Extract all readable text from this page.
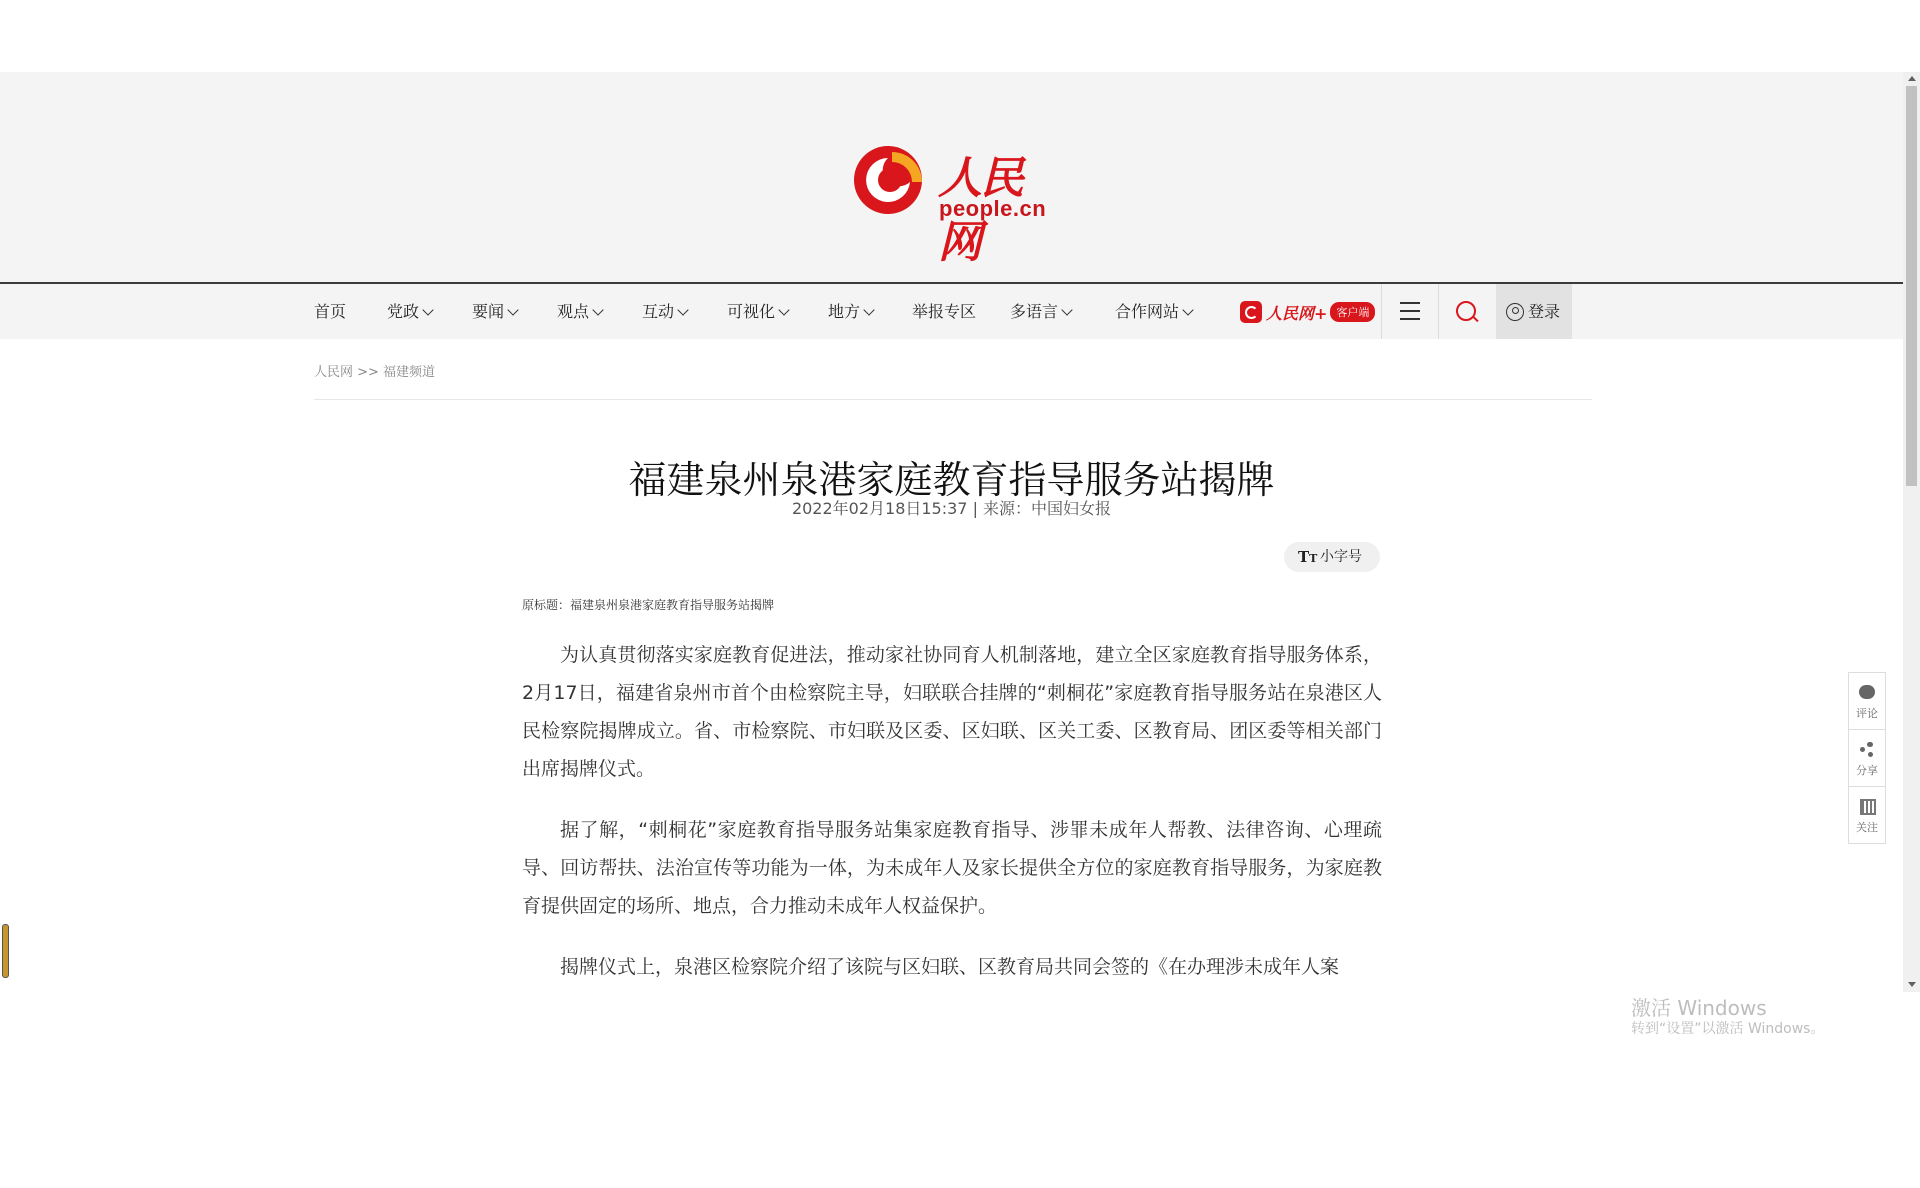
人民网
people.cn
首页	党政	要闻	观点	互动	可视化	地方	举报专区 多语言	合作网站	人民网+ 客户端	登录
人民网 >> 福建频道
福建泉州泉港家庭教育指导服务站揭牌
2022年02月18日15:37 | 来源：中国妇女报
TT 小字号
原标题：福建泉州泉港家庭教育指导服务站揭牌

为认真贯彻落实家庭教育促进法，推动家社协同育人机制落地，建立全区家庭教育指导服务体系，2月17日，福建省泉州市首个由检察院主导，妇联联合挂牌的“刺桐花”家庭教育指导服务站在泉港区人民检察院揭牌成立。省、市检察院、市妇联及区委、区妇联、区关工委、区教育局、团区委等相关部门出席揭牌仪式。

据了解，“刺桐花”家庭教育指导服务站集家庭教育指导、涉罪未成年人帮教、法律咨询、心理疏导、回访帮扶、法治宣传等功能为一体，为未成年人及家长提供全方位的家庭教育指导服务，为家庭教育提供固定的场所、地点，合力推动未成年人权益保护。

揭牌仪式上，泉港区检察院介绍了该院与区妇联、区教育局共同会签的《在办理涉未成年人案

评论
分享
关注
激活 Windows
转到“设置”以激活 Windows。
